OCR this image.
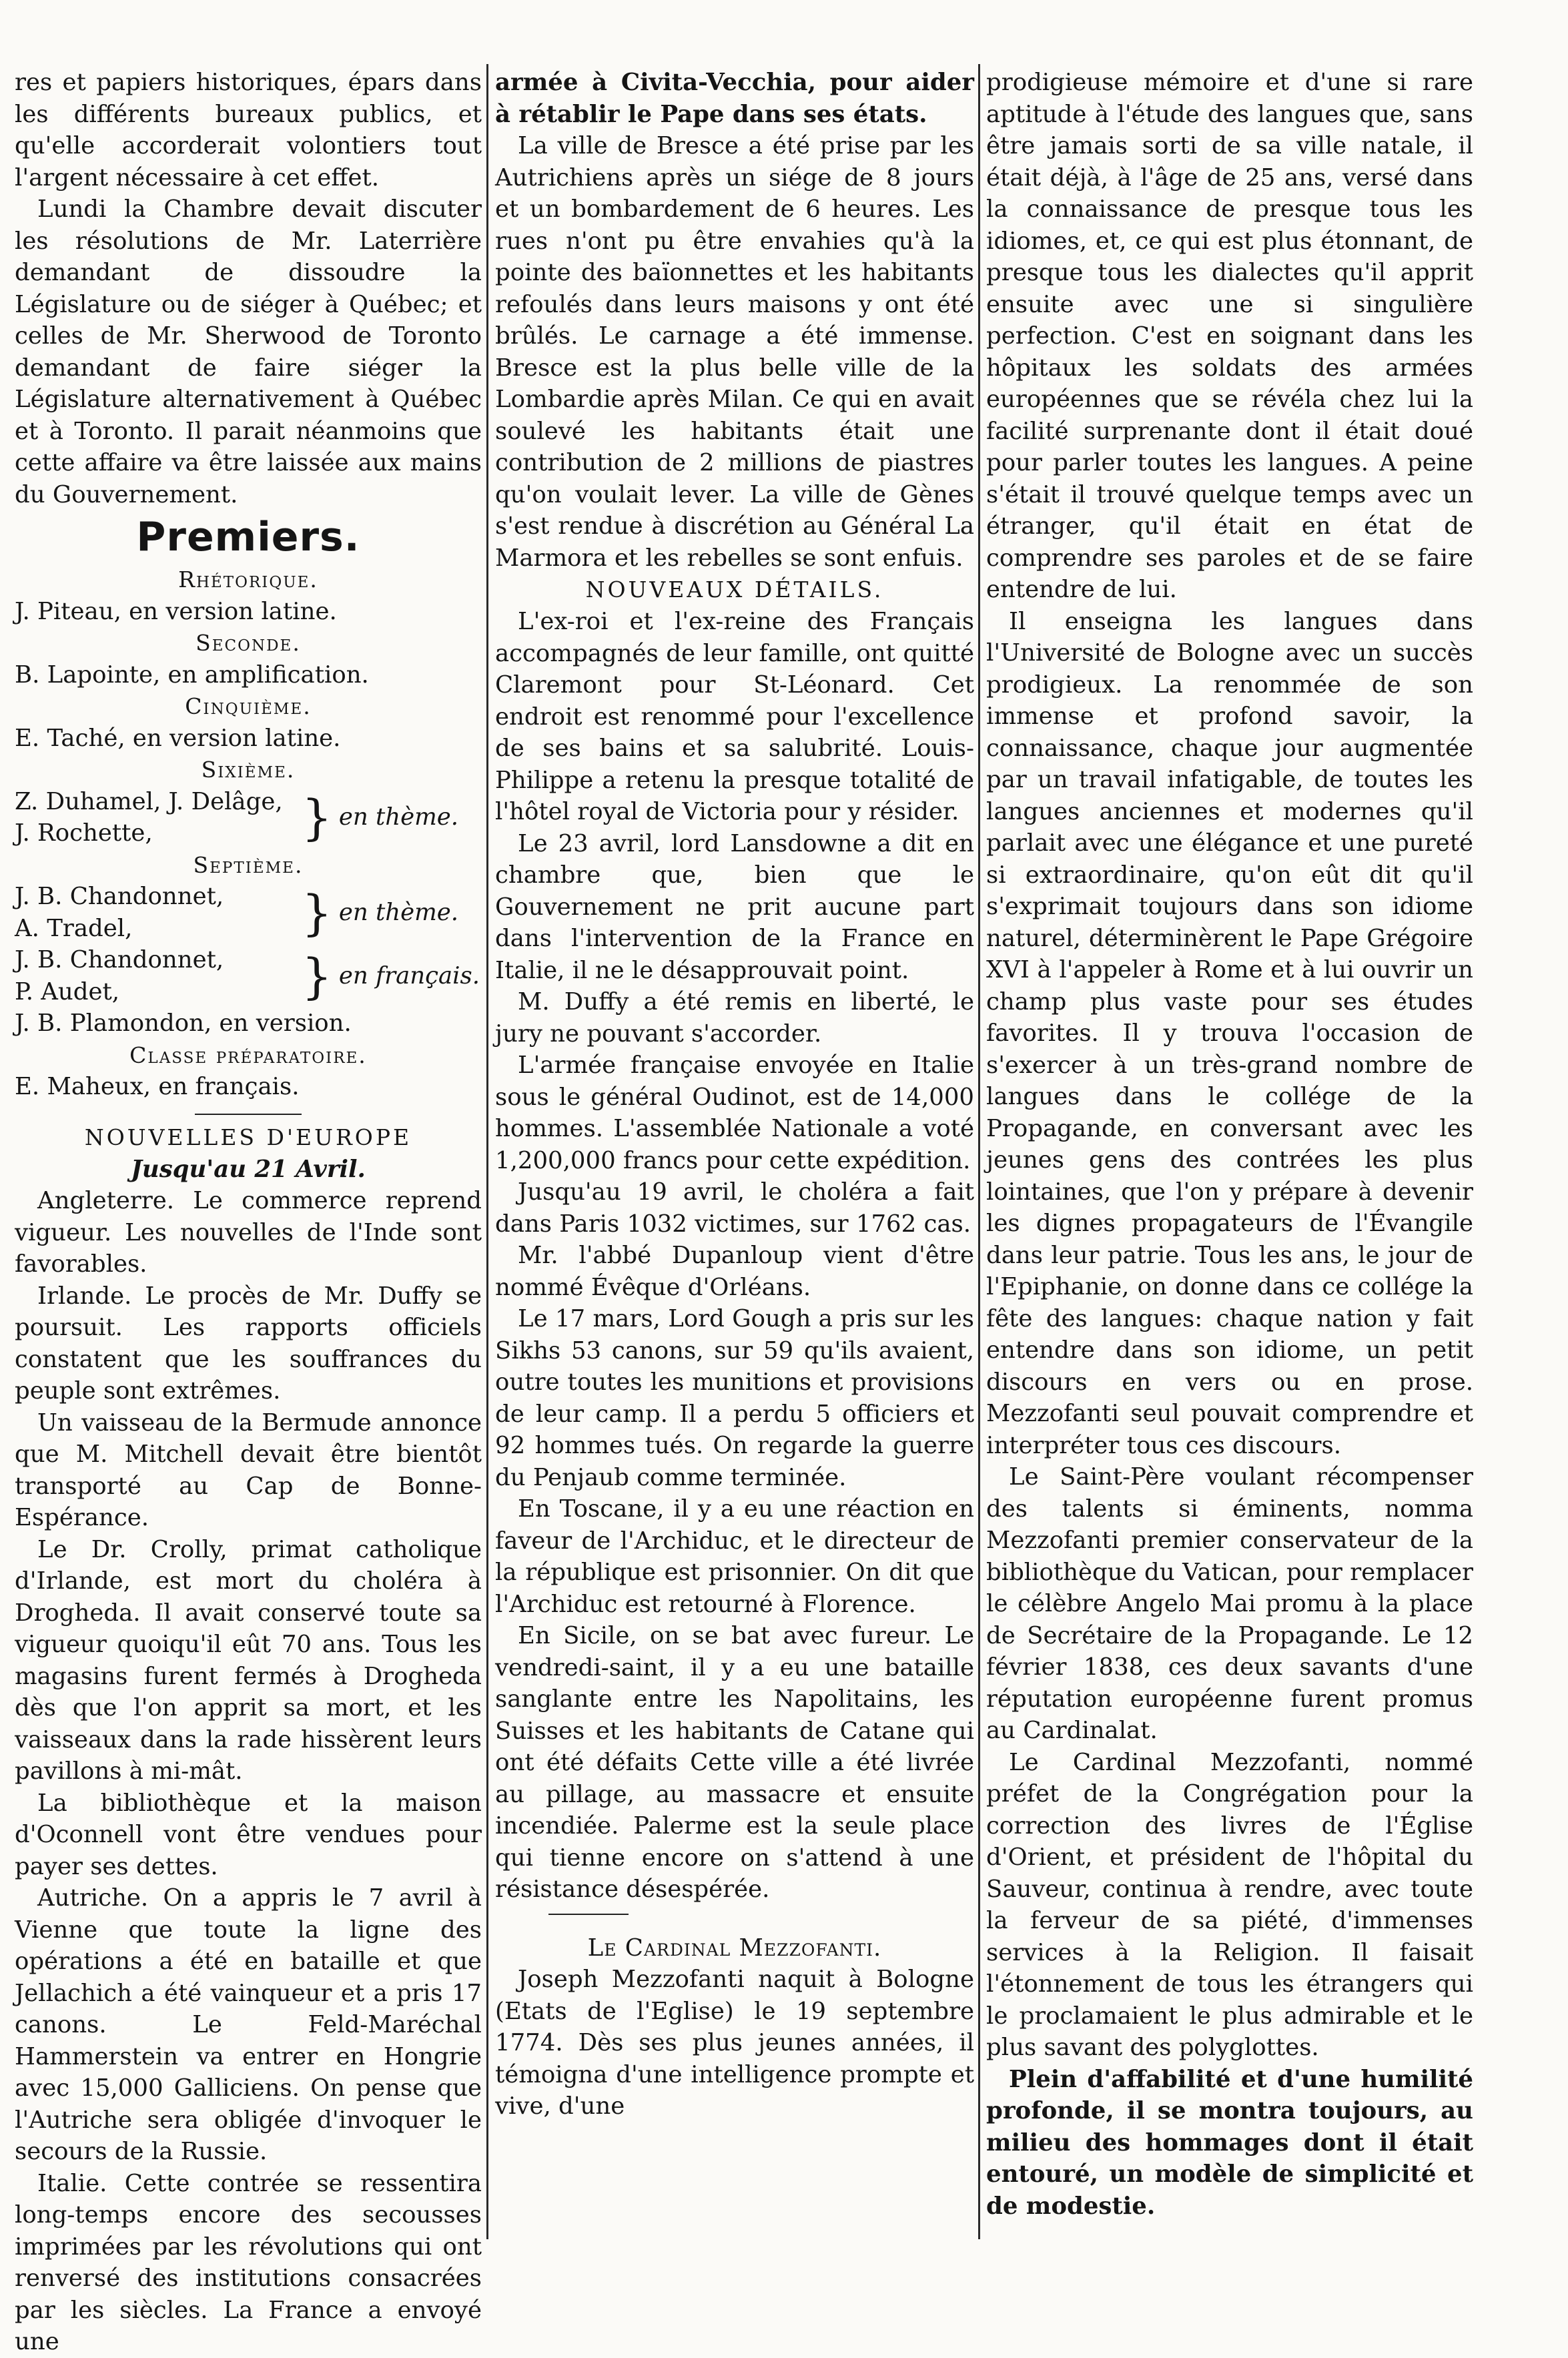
res et papiers historiques, épars dans les différents bureaux publics, et qu'elle accorderait volontiers tout l'argent nécessaire à cet effet.

Lundi la Chambre devait discuter les résolutions de Mr. Laterrière demandant de dissoudre la Législature ou de siéger à Québec; et celles de Mr. Sherwood de Toronto demandant de faire siéger la Législature alternativement à Québec et à Toronto. Il parait néanmoins que cette affaire va être laissée aux mains du Gouvernement.

Premiers.
Rhétorique.
J. Piteau, en version latine.
Seconde.
B. Lapointe, en amplification.
Cinquième.
E. Taché, en version latine.
Sixième.
Z. Duhamel, J. Delâge,
J. Rochette,	} en thème.
Septième.
J. B. Chandonnet,
A. Tradel,	} en thème.
J. B. Chandonnet,
P. Audet,	} en français.
J. B. Plamondon, en version.
Classe préparatoire.
E. Maheux, en français.
NOUVELLES D'EUROPE
Jusqu'au 21 Avril.

Angleterre. Le commerce reprend vigueur. Les nouvelles de l'Inde sont favorables.

Irlande. Le procès de Mr. Duffy se poursuit. Les rapports officiels constatent que les souffrances du peuple sont extrêmes.

Un vaisseau de la Bermude annonce que M. Mitchell devait être bientôt transporté au Cap de Bonne-Espérance.

Le Dr. Crolly, primat catholique d'Irlande, est mort du choléra à Drogheda. Il avait conservé toute sa vigueur quoiqu'il eût 70 ans. Tous les magasins furent fermés à Drogheda dès que l'on apprit sa mort, et les vaisseaux dans la rade hissèrent leurs pavillons à mi-mât.

La bibliothèque et la maison d'Oconnell vont être vendues pour payer ses dettes.

Autriche. On a appris le 7 avril à Vienne que toute la ligne des opérations a été en bataille et que Jellachich a été vainqueur et a pris 17 canons. Le Feld-Maréchal Hammerstein va entrer en Hongrie avec 15,000 Galliciens. On pense que l'Autriche sera obligée d'invoquer le secours de la Russie.

Italie. Cette contrée se ressentira long-temps encore des secousses imprimées par les révolutions qui ont renversé des institutions consacrées par les siècles. La France a envoyé une

armée à Civita-Vecchia, pour aider à rétablir le Pape dans ses états.

La ville de Bresce a été prise par les Autrichiens après un siége de 8 jours et un bombardement de 6 heures. Les rues n'ont pu être envahies qu'à la pointe des baïonnettes et les habitants refoulés dans leurs maisons y ont été brûlés. Le carnage a été immense. Bresce est la plus belle ville de la Lombardie après Milan. Ce qui en avait soulevé les habitants était une contribution de 2 millions de piastres qu'on voulait lever. La ville de Gènes s'est rendue à discrétion au Général La Marmora et les rebelles se sont enfuis.

NOUVEAUX DÉTAILS.

L'ex-roi et l'ex-reine des Français accompagnés de leur famille, ont quitté Claremont pour St-Léonard. Cet endroit est renommé pour l'excellence de ses bains et sa salubrité. Louis-Philippe a retenu la presque totalité de l'hôtel royal de Victoria pour y résider.

Le 23 avril, lord Lansdowne a dit en chambre que, bien que le Gouvernement ne prit aucune part dans l'intervention de la France en Italie, il ne le désapprouvait point.

M. Duffy a été remis en liberté, le jury ne pouvant s'accorder.

L'armée française envoyée en Italie sous le général Oudinot, est de 14,000 hommes. L'assemblée Nationale a voté 1,200,000 francs pour cette expédition.

Jusqu'au 19 avril, le choléra a fait dans Paris 1032 victimes, sur 1762 cas.

Mr. l'abbé Dupanloup vient d'être nommé Évêque d'Orléans.

Le 17 mars, Lord Gough a pris sur les Sikhs 53 canons, sur 59 qu'ils avaient, outre toutes les munitions et provisions de leur camp. Il a perdu 5 officiers et 92 hommes tués. On regarde la guerre du Penjaub comme terminée.

En Toscane, il y a eu une réaction en faveur de l'Archiduc, et le directeur de la république est prisonnier. On dit que l'Archiduc est retourné à Florence.

En Sicile, on se bat avec fureur. Le vendredi-saint, il y a eu une bataille sanglante entre les Napolitains, les Suisses et les habitants de Catane qui ont été défaits Cette ville a été livrée au pillage, au massacre et ensuite incendiée. Palerme est la seule place qui tienne encore on s'attend à une résistance désespérée.

Le Cardinal Mezzofanti.

Joseph Mezzofanti naquit à Bologne (Etats de l'Eglise) le 19 septembre 1774. Dès ses plus jeunes années, il témoigna d'une intelligence prompte et vive, d'une

prodigieuse mémoire et d'une si rare aptitude à l'étude des langues que, sans être jamais sorti de sa ville natale, il était déjà, à l'âge de 25 ans, versé dans la connaissance de presque tous les idiomes, et, ce qui est plus étonnant, de presque tous les dialectes qu'il apprit ensuite avec une si singulière perfection. C'est en soignant dans les hôpitaux les soldats des armées européennes que se révéla chez lui la facilité surprenante dont il était doué pour parler toutes les langues. A peine s'était il trouvé quelque temps avec un étranger, qu'il était en état de comprendre ses paroles et de se faire entendre de lui.

Il enseigna les langues dans l'Université de Bologne avec un succès prodigieux. La renommée de son immense et profond savoir, la connaissance, chaque jour augmentée par un travail infatigable, de toutes les langues anciennes et modernes qu'il parlait avec une élégance et une pureté si extraordinaire, qu'on eût dit qu'il s'exprimait toujours dans son idiome naturel, déterminèrent le Pape Grégoire XVI à l'appeler à Rome et à lui ouvrir un champ plus vaste pour ses études favorites. Il y trouva l'occasion de s'exercer à un très-grand nombre de langues dans le collége de la Propagande, en conversant avec les jeunes gens des contrées les plus lointaines, que l'on y prépare à devenir les dignes propagateurs de l'Évangile dans leur patrie. Tous les ans, le jour de l'Epiphanie, on donne dans ce collége la fête des langues: chaque nation y fait entendre dans son idiome, un petit discours en vers ou en prose. Mezzofanti seul pouvait comprendre et interpréter tous ces discours.

Le Saint-Père voulant récompenser des talents si éminents, nomma Mezzofanti premier conservateur de la bibliothèque du Vatican, pour remplacer le célèbre Angelo Mai promu à la place de Secrétaire de la Propagande. Le 12 février 1838, ces deux savants d'une réputation européenne furent promus au Cardinalat.

Le Cardinal Mezzofanti, nommé préfet de la Congrégation pour la correction des livres de l'Église d'Orient, et président de l'hôpital du Sauveur, continua à rendre, avec toute la ferveur de sa piété, d'immenses services à la Religion. Il faisait l'étonnement de tous les étrangers qui le proclamaient le plus admirable et le plus savant des polyglottes.

Plein d'affabilité et d'une humilité profonde, il se montra toujours, au milieu des hommages dont il était entouré, un modèle de simplicité et de modestie.
